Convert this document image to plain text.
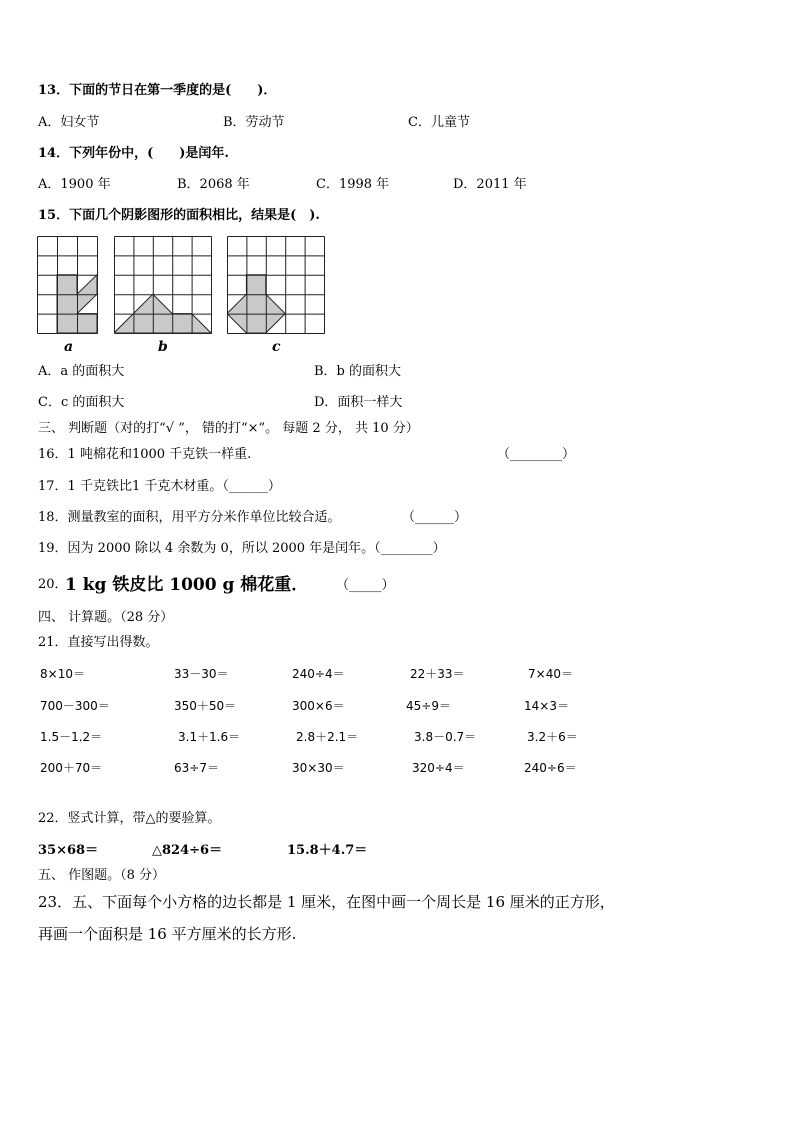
13．下面的节日在第一季度的是(　　)．
A．妇女节	B．劳动节	C．儿童节
14．下列年份中，(　　)是闰年.
A．1900 年	B．2068 年	C．1998 年	D．2011 年
15．下面几个阴影图形的面积相比，结果是(　).
a	b	c
A．a 的面积大	B．b 的面积大
C．c 的面积大	D．面积一样大
三、 判断题（对的打“√ ”， 错的打“×”。 每题 2 分， 共 10 分）
16．1 吨棉花和1000 千克铁一样重.	（________）
17．1 千克铁比1 千克木材重。（______）
18．测量教室的面积，用平方分米作单位比较合适。	（______）
19．因为 2000 除以 4 余数为 0，所以 2000 年是闰年。（________）
20．
1 kg 铁皮比 1000 g 棉花重． （_____）
四、 计算题。（28 分）
21．直接写出得数。
8×10＝	33－30＝	240÷4＝	22＋33＝	7×40＝
700－300＝	350＋50＝	300×6＝	45÷9＝	14×3＝
1.5－1.2＝	3.1＋1.6＝	2.8＋2.1＝	3.8－0.7＝	3.2＋6＝
200＋70＝	63÷7＝	30×30＝	320÷4＝	240÷6＝
22．竖式计算，带△的要验算。
35×68＝	△824÷6＝	15.8＋4.7＝
五、 作图题。（8 分）
23．五、下面每个小方格的边长都是 1 厘米，在图中画一个周长是 16 厘米的正方形，
再画一个面积是 16 平方厘米的长方形.
